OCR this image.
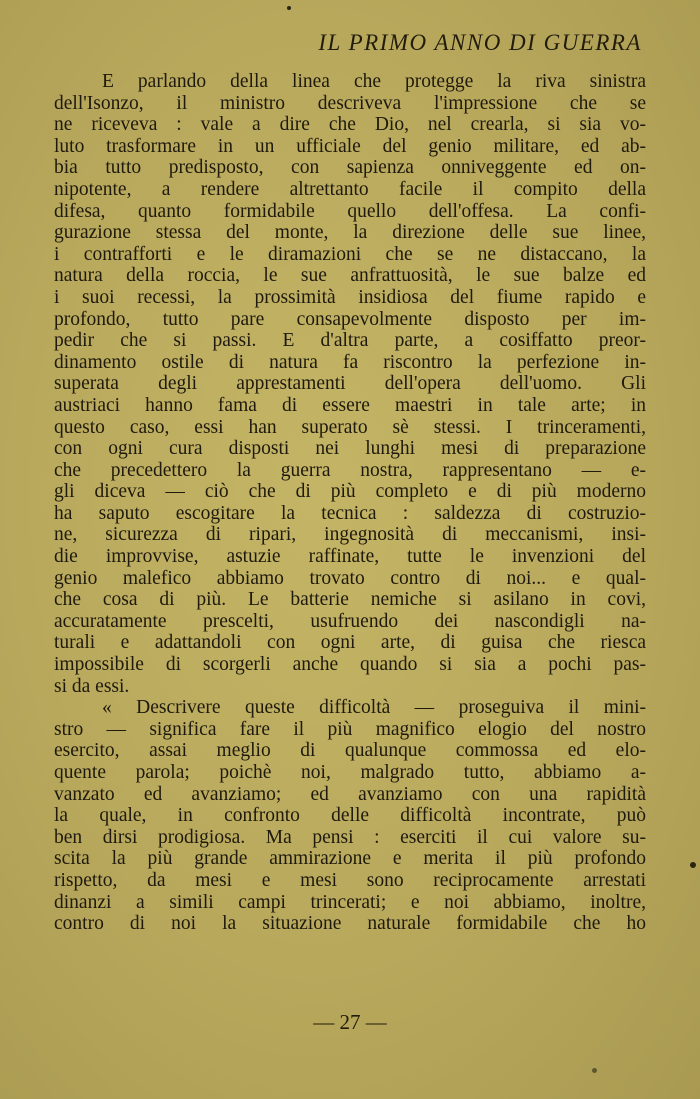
IL PRIMO ANNO DI GUERRA
E parlando della linea che protegge la riva sinistra
dell'Isonzo, il ministro descriveva l'impressione che se
ne riceveva : vale a dire che Dio, nel crearla, si sia vo-
luto trasformare in un ufficiale del genio militare, ed ab-
bia tutto predisposto, con sapienza onniveggente ed on-
nipotente, a rendere altrettanto facile il compito della
difesa, quanto formidabile quello dell'offesa. La confi-
gurazione stessa del monte, la direzione delle sue linee,
i contrafforti e le diramazioni che se ne distaccano, la
natura della roccia, le sue anfrattuosità, le sue balze ed
i suoi recessi, la prossimità insidiosa del fiume rapido e
profondo, tutto pare consapevolmente disposto per im-
pedir che si passi. E d'altra parte, a cosiffatto preor-
dinamento ostile di natura fa riscontro la perfezione in-
superata degli apprestamenti dell'opera dell'uomo. Gli
austriaci hanno fama di essere maestri in tale arte; in
questo caso, essi han superato sè stessi. I trinceramenti,
con ogni cura disposti nei lunghi mesi di preparazione
che precedettero la guerra nostra, rappresentano — e-
gli diceva — ciò che di più completo e di più moderno
ha saputo escogitare la tecnica : saldezza di costruzio-
ne, sicurezza di ripari, ingegnosità di meccanismi, insi-
die improvvise, astuzie raffinate, tutte le invenzioni del
genio malefico abbiamo trovato contro di noi... e qual-
che cosa di più. Le batterie nemiche si asilano in covi,
accuratamente prescelti, usufruendo dei nascondigli na-
turali e adattandoli con ogni arte, di guisa che riesca
impossibile di scorgerli anche quando si sia a pochi pas-
si da essi.
« Descrivere queste difficoltà — proseguiva il mini-
stro — significa fare il più magnifico elogio del nostro
esercito, assai meglio di qualunque commossa ed elo-
quente parola; poichè noi, malgrado tutto, abbiamo a-
vanzato ed avanziamo; ed avanziamo con una rapidità
la quale, in confronto delle difficoltà incontrate, può
ben dirsi prodigiosa. Ma pensi : eserciti il cui valore su-
scita la più grande ammirazione e merita il più profondo
rispetto, da mesi e mesi sono reciprocamente arrestati
dinanzi a simili campi trincerati; e noi abbiamo, inoltre,
contro di noi la situazione naturale formidabile che ho
— 27 —
